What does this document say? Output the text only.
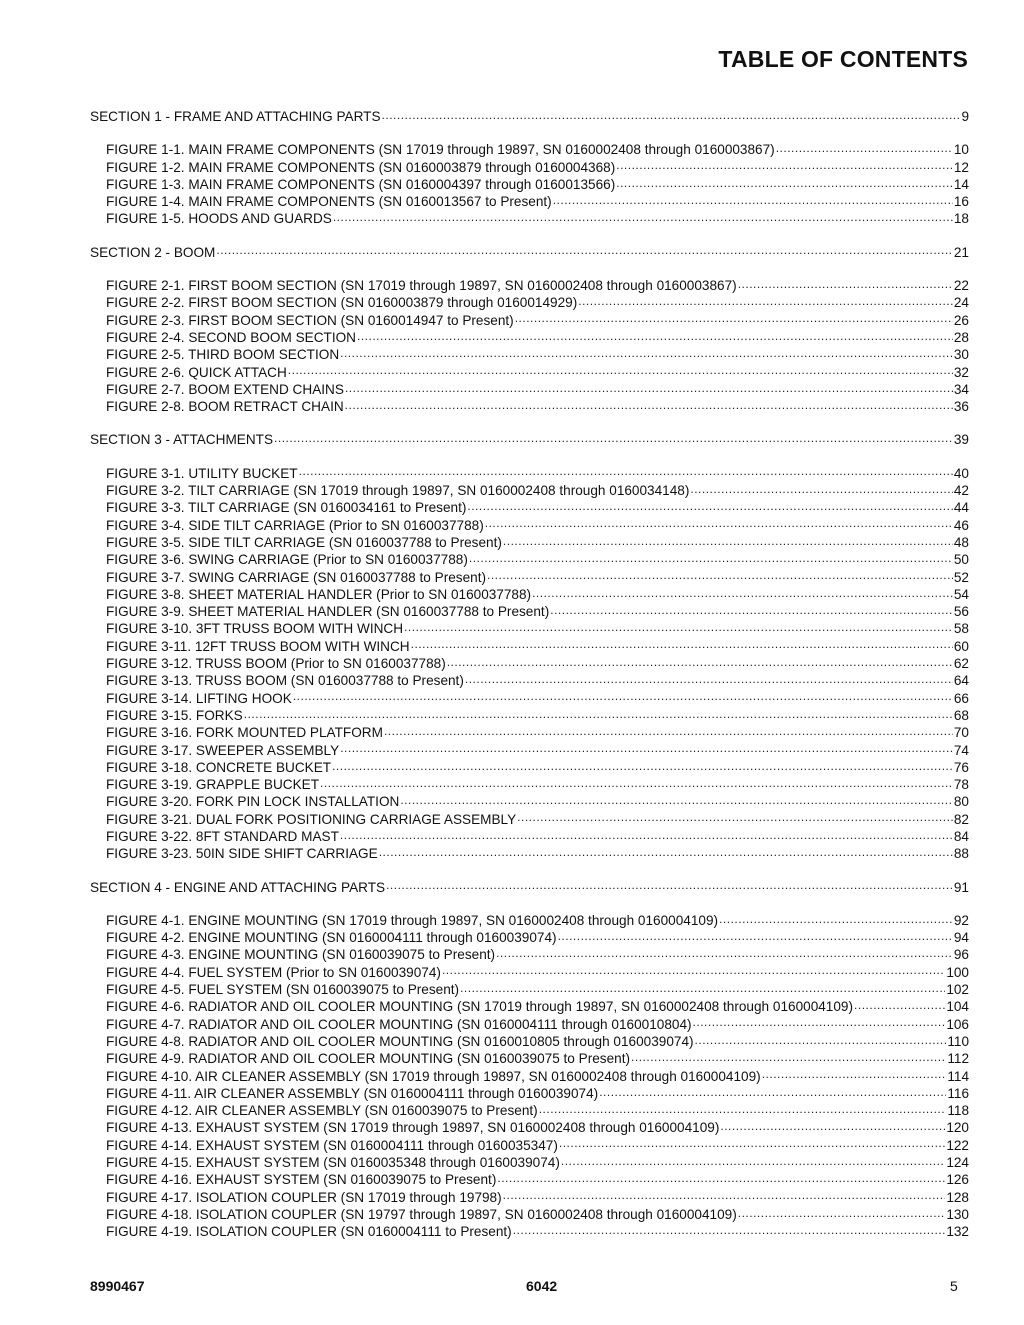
TABLE OF CONTENTS
SECTION 1 - FRAME AND ATTACHING PARTS .....	9
FIGURE 1-1. MAIN FRAME COMPONENTS (SN 17019 through 19897, SN 0160002408 through 0160003867) .....	10
FIGURE 1-2. MAIN FRAME COMPONENTS (SN 0160003879 through 0160004368) .....	12
FIGURE 1-3. MAIN FRAME COMPONENTS (SN 0160004397 through 0160013566) .....	14
FIGURE 1-4. MAIN FRAME COMPONENTS (SN 0160013567 to Present) .....	16
FIGURE 1-5. HOODS AND GUARDS .....	18
SECTION 2 - BOOM .....	21
FIGURE 2-1. FIRST BOOM SECTION (SN 17019 through 19897, SN 0160002408 through 0160003867) .....	22
FIGURE 2-2. FIRST BOOM SECTION (SN 0160003879 through 0160014929) .....	24
FIGURE 2-3. FIRST BOOM SECTION (SN 0160014947 to Present) .....	26
FIGURE 2-4. SECOND BOOM SECTION .....	28
FIGURE 2-5. THIRD BOOM SECTION .....	30
FIGURE 2-6. QUICK ATTACH .....	32
FIGURE 2-7. BOOM EXTEND CHAINS .....	34
FIGURE 2-8. BOOM RETRACT CHAIN .....	36
SECTION 3 - ATTACHMENTS .....	39
FIGURE 3-1. UTILITY BUCKET .....	40
FIGURE 3-2. TILT CARRIAGE (SN 17019 through 19897, SN 0160002408 through 0160034148) .....	42
FIGURE 3-3. TILT CARRIAGE (SN 0160034161 to Present) .....	44
FIGURE 3-4. SIDE TILT CARRIAGE (Prior to SN 0160037788) .....	46
FIGURE 3-5. SIDE TILT CARRIAGE (SN 0160037788 to Present) .....	48
FIGURE 3-6. SWING CARRIAGE (Prior to SN 0160037788) .....	50
FIGURE 3-7. SWING CARRIAGE (SN 0160037788 to Present) .....	52
FIGURE 3-8. SHEET MATERIAL HANDLER (Prior to SN 0160037788) .....	54
FIGURE 3-9. SHEET MATERIAL HANDLER (SN 0160037788 to Present) .....	56
FIGURE 3-10. 3FT TRUSS BOOM WITH WINCH .....	58
FIGURE 3-11. 12FT TRUSS BOOM WITH WINCH .....	60
FIGURE 3-12. TRUSS BOOM (Prior to SN 0160037788) .....	62
FIGURE 3-13. TRUSS BOOM (SN 0160037788 to Present) .....	64
FIGURE 3-14. LIFTING HOOK .....	66
FIGURE 3-15. FORKS .....	68
FIGURE 3-16. FORK MOUNTED PLATFORM .....	70
FIGURE 3-17. SWEEPER ASSEMBLY .....	74
FIGURE 3-18. CONCRETE BUCKET .....	76
FIGURE 3-19. GRAPPLE BUCKET .....	78
FIGURE 3-20. FORK PIN LOCK INSTALLATION .....	80
FIGURE 3-21. DUAL FORK POSITIONING CARRIAGE ASSEMBLY .....	82
FIGURE 3-22. 8FT STANDARD MAST .....	84
FIGURE 3-23. 50IN SIDE SHIFT CARRIAGE .....	88
SECTION 4 - ENGINE AND ATTACHING PARTS .....	91
FIGURE 4-1. ENGINE MOUNTING (SN 17019 through 19897, SN 0160002408 through 0160004109) .....	92
FIGURE 4-2. ENGINE MOUNTING (SN 0160004111 through 0160039074) .....	94
FIGURE 4-3. ENGINE MOUNTING (SN 0160039075 to Present) .....	96
FIGURE 4-4. FUEL SYSTEM (Prior to SN 0160039074) .....	100
FIGURE 4-5. FUEL SYSTEM (SN 0160039075 to Present) .....	102
FIGURE 4-6. RADIATOR AND OIL COOLER MOUNTING (SN 17019 through 19897, SN 0160002408 through 0160004109) .....	104
FIGURE 4-7. RADIATOR AND OIL COOLER MOUNTING (SN 0160004111 through 0160010804) .....	106
FIGURE 4-8. RADIATOR AND OIL COOLER MOUNTING (SN 0160010805 through 0160039074) .....	110
FIGURE 4-9. RADIATOR AND OIL COOLER MOUNTING (SN 0160039075 to Present) .....	112
FIGURE 4-10. AIR CLEANER ASSEMBLY (SN 17019 through 19897, SN 0160002408 through 0160004109) .....	114
FIGURE 4-11. AIR CLEANER ASSEMBLY (SN 0160004111 through 0160039074) .....	116
FIGURE 4-12. AIR CLEANER ASSEMBLY (SN 0160039075 to Present) .....	118
FIGURE 4-13. EXHAUST SYSTEM (SN 17019 through 19897, SN 0160002408 through 0160004109) .....	120
FIGURE 4-14. EXHAUST SYSTEM (SN 0160004111 through 0160035347) .....	122
FIGURE 4-15. EXHAUST SYSTEM (SN 0160035348 through 0160039074) .....	124
FIGURE 4-16. EXHAUST SYSTEM (SN 0160039075 to Present) .....	126
FIGURE 4-17. ISOLATION COUPLER (SN 17019 through 19798) .....	128
FIGURE 4-18. ISOLATION COUPLER (SN 19797 through 19897, SN 0160002408 through 0160004109) .....	130
FIGURE 4-19. ISOLATION COUPLER (SN 0160004111 to Present) .....	132
8990467	6042	5
